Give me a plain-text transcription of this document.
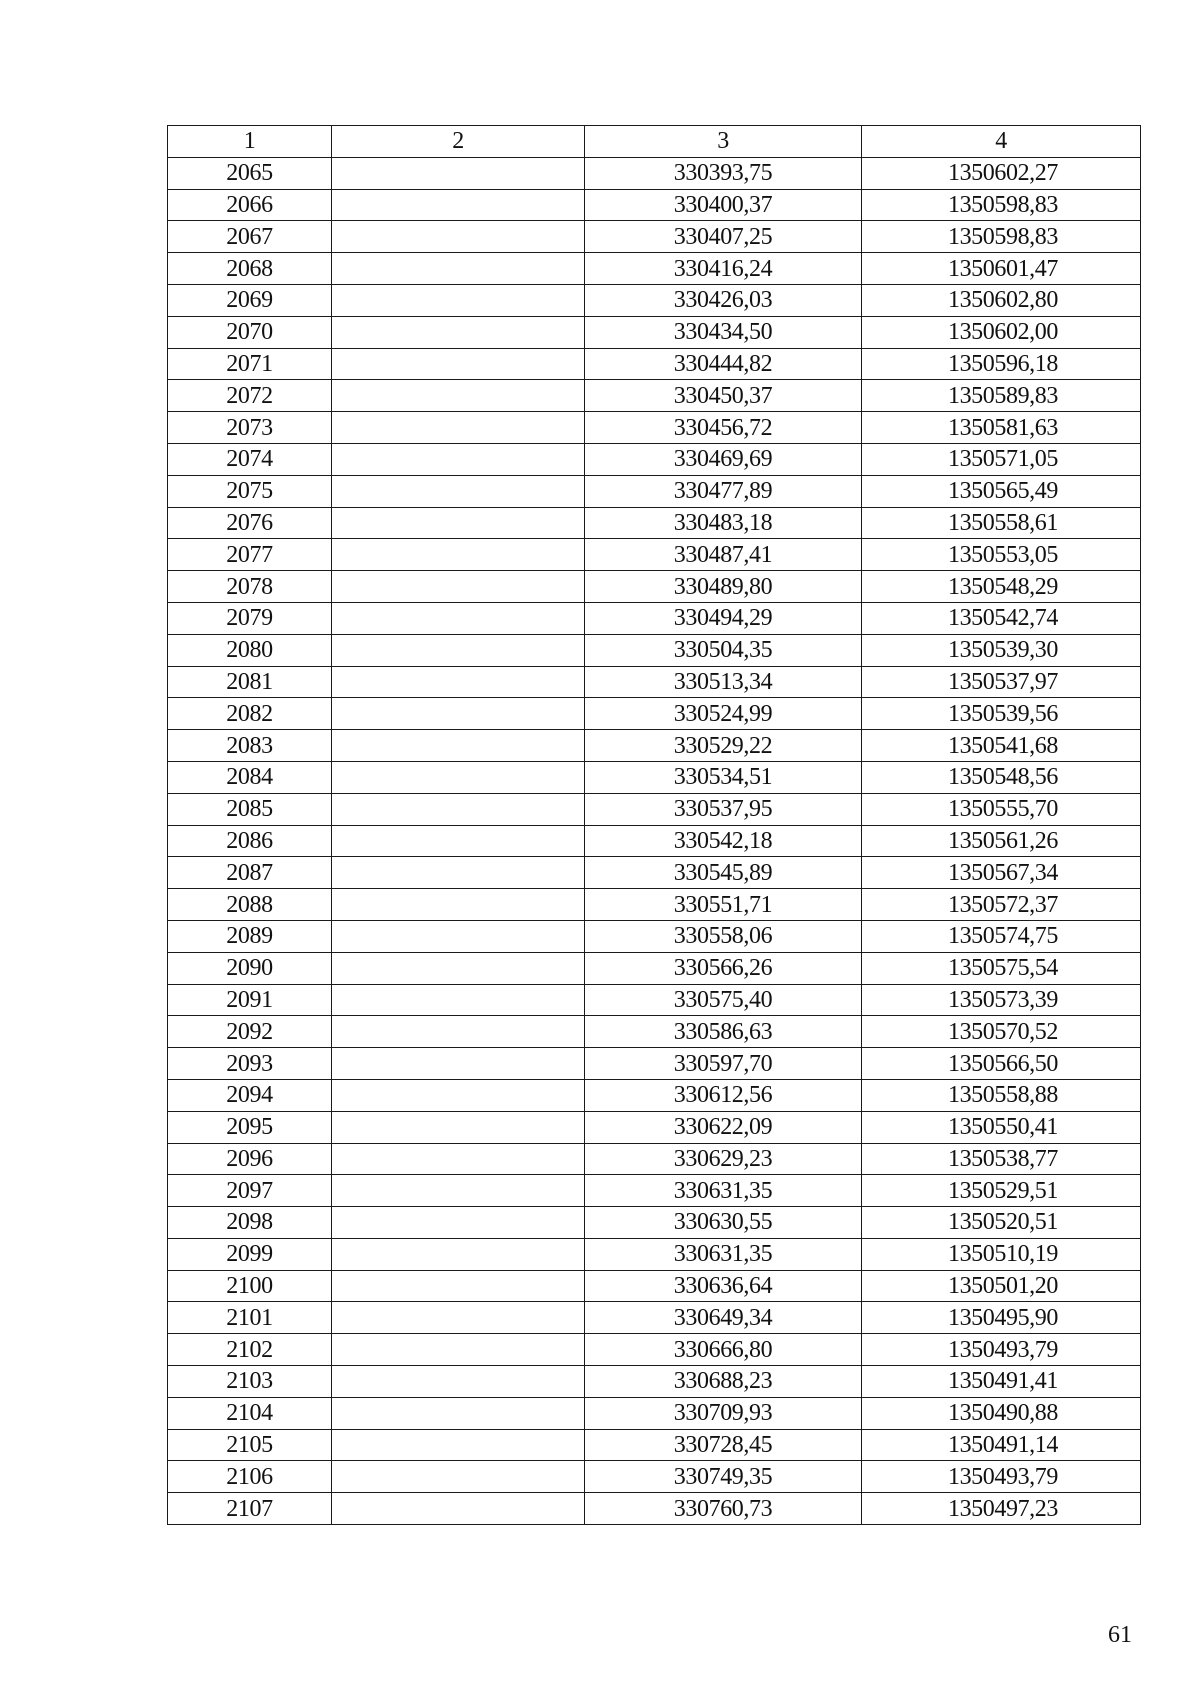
1	2	3	4
2065		330393,75	1350602,27
2066		330400,37	1350598,83
2067		330407,25	1350598,83
2068		330416,24	1350601,47
2069		330426,03	1350602,80
2070		330434,50	1350602,00
2071		330444,82	1350596,18
2072		330450,37	1350589,83
2073		330456,72	1350581,63
2074		330469,69	1350571,05
2075		330477,89	1350565,49
2076		330483,18	1350558,61
2077		330487,41	1350553,05
2078		330489,80	1350548,29
2079		330494,29	1350542,74
2080		330504,35	1350539,30
2081		330513,34	1350537,97
2082		330524,99	1350539,56
2083		330529,22	1350541,68
2084		330534,51	1350548,56
2085		330537,95	1350555,70
2086		330542,18	1350561,26
2087		330545,89	1350567,34
2088		330551,71	1350572,37
2089		330558,06	1350574,75
2090		330566,26	1350575,54
2091		330575,40	1350573,39
2092		330586,63	1350570,52
2093		330597,70	1350566,50
2094		330612,56	1350558,88
2095		330622,09	1350550,41
2096		330629,23	1350538,77
2097		330631,35	1350529,51
2098		330630,55	1350520,51
2099		330631,35	1350510,19
2100		330636,64	1350501,20
2101		330649,34	1350495,90
2102		330666,80	1350493,79
2103		330688,23	1350491,41
2104		330709,93	1350490,88
2105		330728,45	1350491,14
2106		330749,35	1350493,79
2107		330760,73	1350497,23
61
